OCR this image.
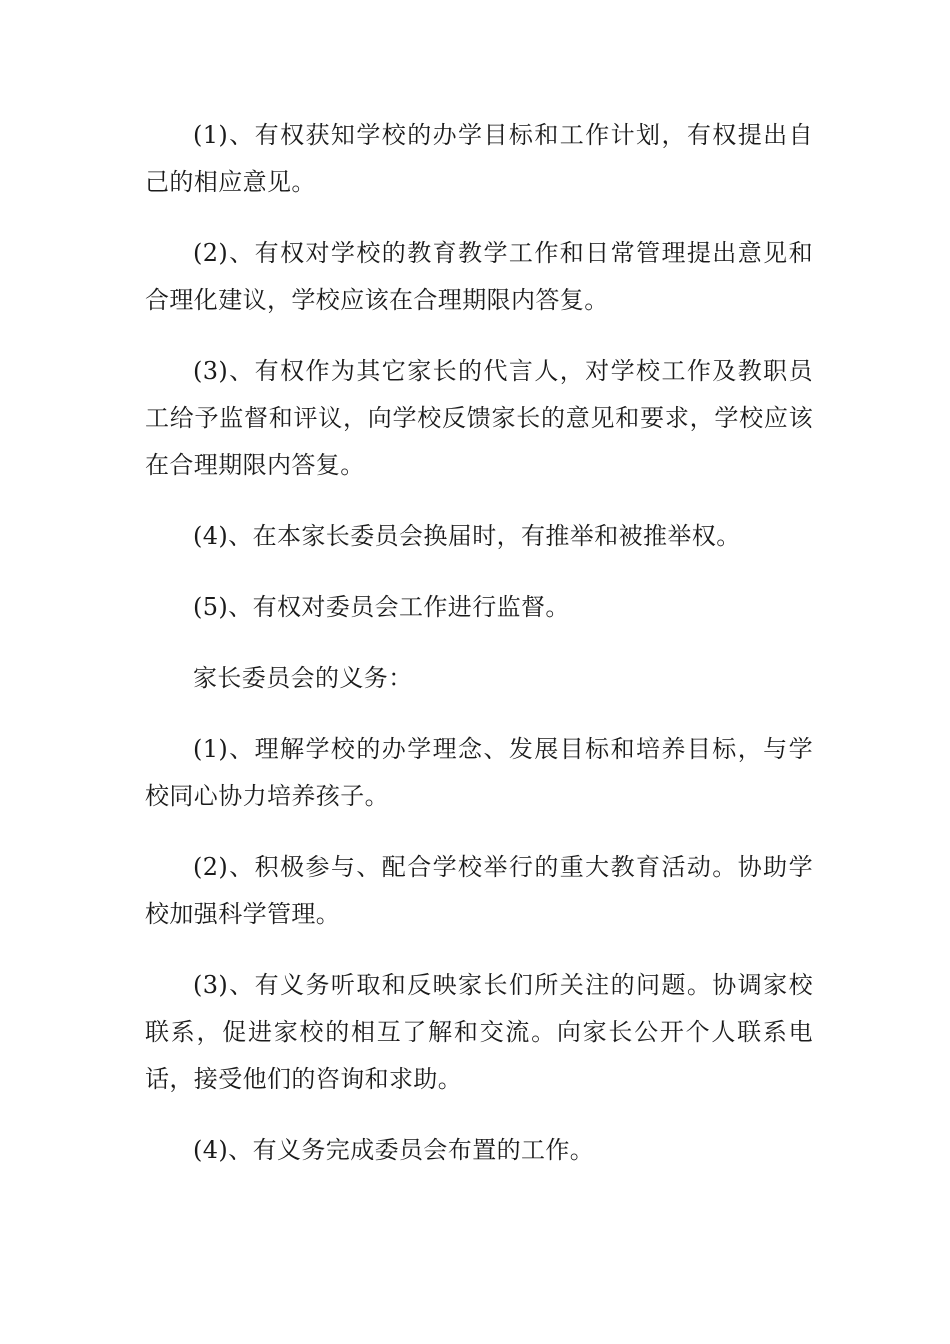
(1)、有权获知学校的办学目标和工作计划，有权提出自己的相应意见。

(2)、有权对学校的教育教学工作和日常管理提出意见和合理化建议，学校应该在合理期限内答复。

(3)、有权作为其它家长的代言人，对学校工作及教职员工给予监督和评议，向学校反馈家长的意见和要求，学校应该在合理期限内答复。

(4)、在本家长委员会换届时，有推举和被推举权。

(5)、有权对委员会工作进行监督。

家长委员会的义务：

(1)、理解学校的办学理念、发展目标和培养目标，与学校同心协力培养孩子。

(2)、积极参与、配合学校举行的重大教育活动。协助学校加强科学管理。

(3)、有义务听取和反映家长们所关注的问题。协调家校联系，促进家校的相互了解和交流。向家长公开个人联系电话，接受他们的咨询和求助。

(4)、有义务完成委员会布置的工作。
